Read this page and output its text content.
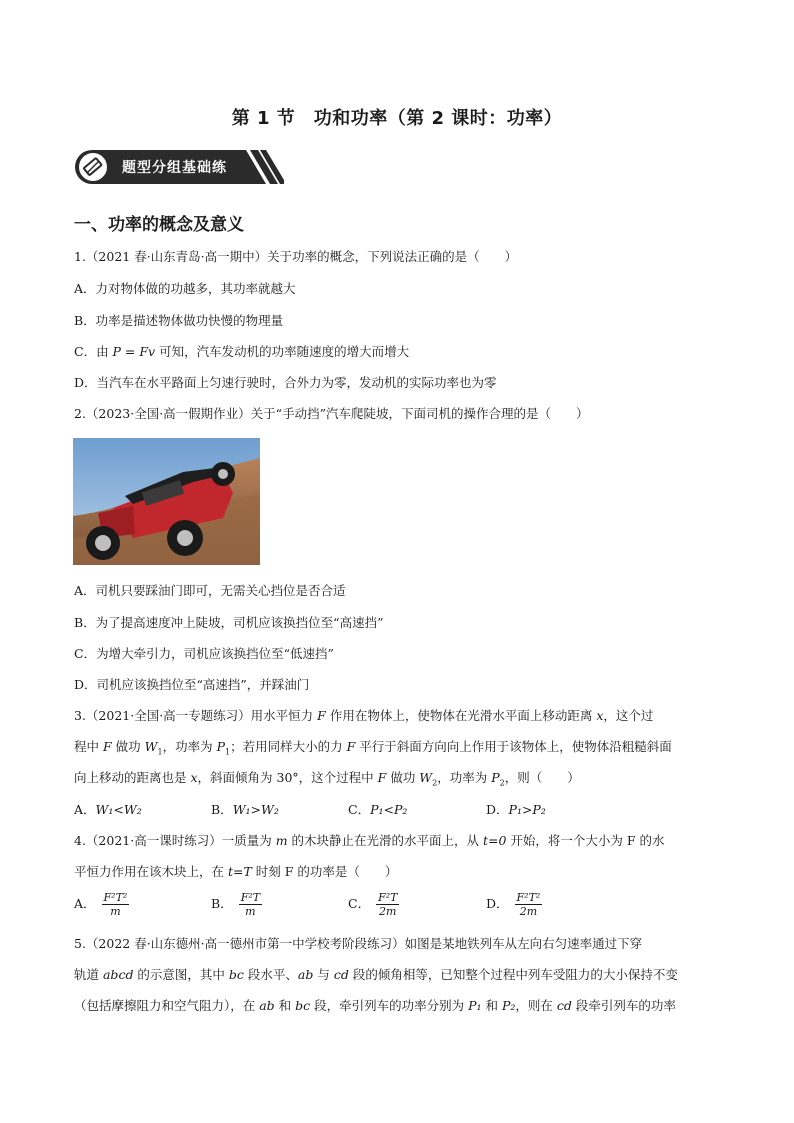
第 1 节　功和功率（第 2 课时：功率）
题型分组基础练
一、功率的概念及意义
1.（2021 春·山东青岛·高一期中）关于功率的概念，下列说法正确的是（　　）
A．力对物体做的功越多，其功率就越大
B．功率是描述物体做功快慢的物理量
C．由 P = Fv 可知，汽车发动机的功率随速度的增大而增大
D．当汽车在水平路面上匀速行驶时，合外力为零，发动机的实际功率也为零
2.（2023·全国·高一假期作业）关于“手动挡”汽车爬陡坡，下面司机的操作合理的是（　　）
A．司机只要踩油门即可，无需关心挡位是否合适
B．为了提高速度冲上陡坡，司机应该换挡位至“高速挡”
C．为增大牵引力，司机应该换挡位至“低速挡”
D．司机应该换挡位至“高速挡”，并踩油门
3.（2021·全国·高一专题练习）用水平恒力 F 作用在物体上，使物体在光滑水平面上移动距离 x，这个过
程中 F 做功 $W_1$，功率为 $P_1$；若用同样大小的力 F 平行于斜面方向向上作用于该物体上，使物体沿粗糙斜面
向上移动的距离也是 x，斜面倾角为 30°，这个过程中 F 做功 $W_2$，功率为 $P_2$，则（　　）
A．W₁<W₂	B．W₁>W₂	C．P₁<P₂	D．P₁>P₂
4.（2021·高一课时练习）一质量为 m 的木块静止在光滑的水平面上，从 t=0 开始，将一个大小为 F 的水
平恒力作用在该木块上，在 t=T 时刻 F 的功率是（　　）
A． $\frac{\text{F²T²}}{m}$	B． $\frac{\text{F²T}}{m}$	C． $\frac{\text{F²T}}{2m}$	D． $\frac{\text{F²T²}}{2m}$
5.（2022 春·山东德州·高一德州市第一中学校考阶段练习）如图是某地铁列车从左向右匀速率通过下穿
轨道 abcd 的示意图，其中 bc 段水平、ab 与 cd 段的倾角相等，已知整个过程中列车受阻力的大小保持不变
（包括摩擦阻力和空气阻力），在 ab 和 bc 段，牵引列车的功率分别为 P₁ 和 P₂，则在 cd 段牵引列车的功率
